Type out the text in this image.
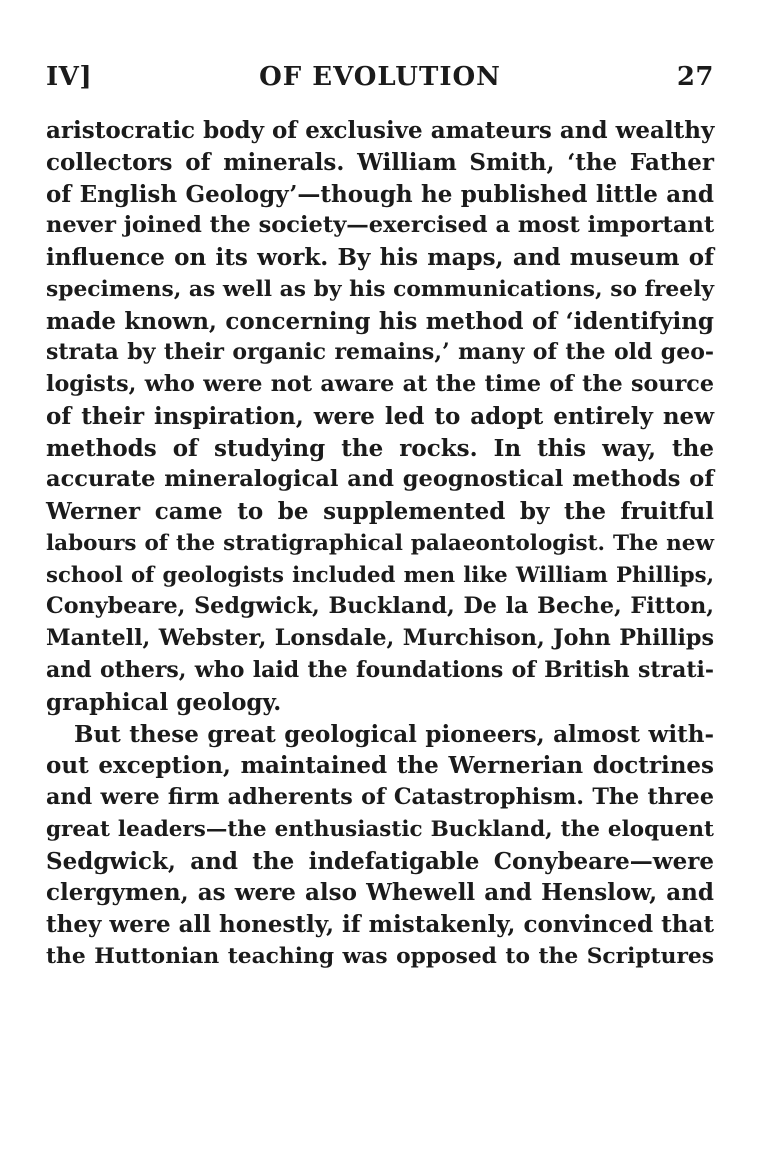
IV]	OF EVOLUTION	27
aristocratic body of exclusive amateurs and wealthy
collectors of minerals. William Smith, ‘the Father
of English Geology’—though he published little and
never joined the society—exercised a most important
influence on its work. By his maps, and museum of
specimens, as well as by his communications, so freely
made known, concerning his method of ‘identifying
strata by their organic remains,’ many of the old geo-
logists, who were not aware at the time of the source
of their inspiration, were led to adopt entirely new
methods of studying the rocks. In this way, the
accurate mineralogical and geognostical methods of
Werner came to be supplemented by the fruitful
labours of the stratigraphical palaeontologist. The new
school of geologists included men like William Phillips,
Conybeare, Sedgwick, Buckland, De la Beche, Fitton,
Mantell, Webster, Lonsdale, Murchison, John Phillips
and others, who laid the foundations of British strati-
graphical geology.
But these great geological pioneers, almost with-
out exception, maintained the Wernerian doctrines
and were firm adherents of Catastrophism. The three
great leaders—the enthusiastic Buckland, the eloquent
Sedgwick, and the indefatigable Conybeare—were
clergymen, as were also Whewell and Henslow, and
they were all honestly, if mistakenly, convinced that
the Huttonian teaching was opposed to the Scriptures
